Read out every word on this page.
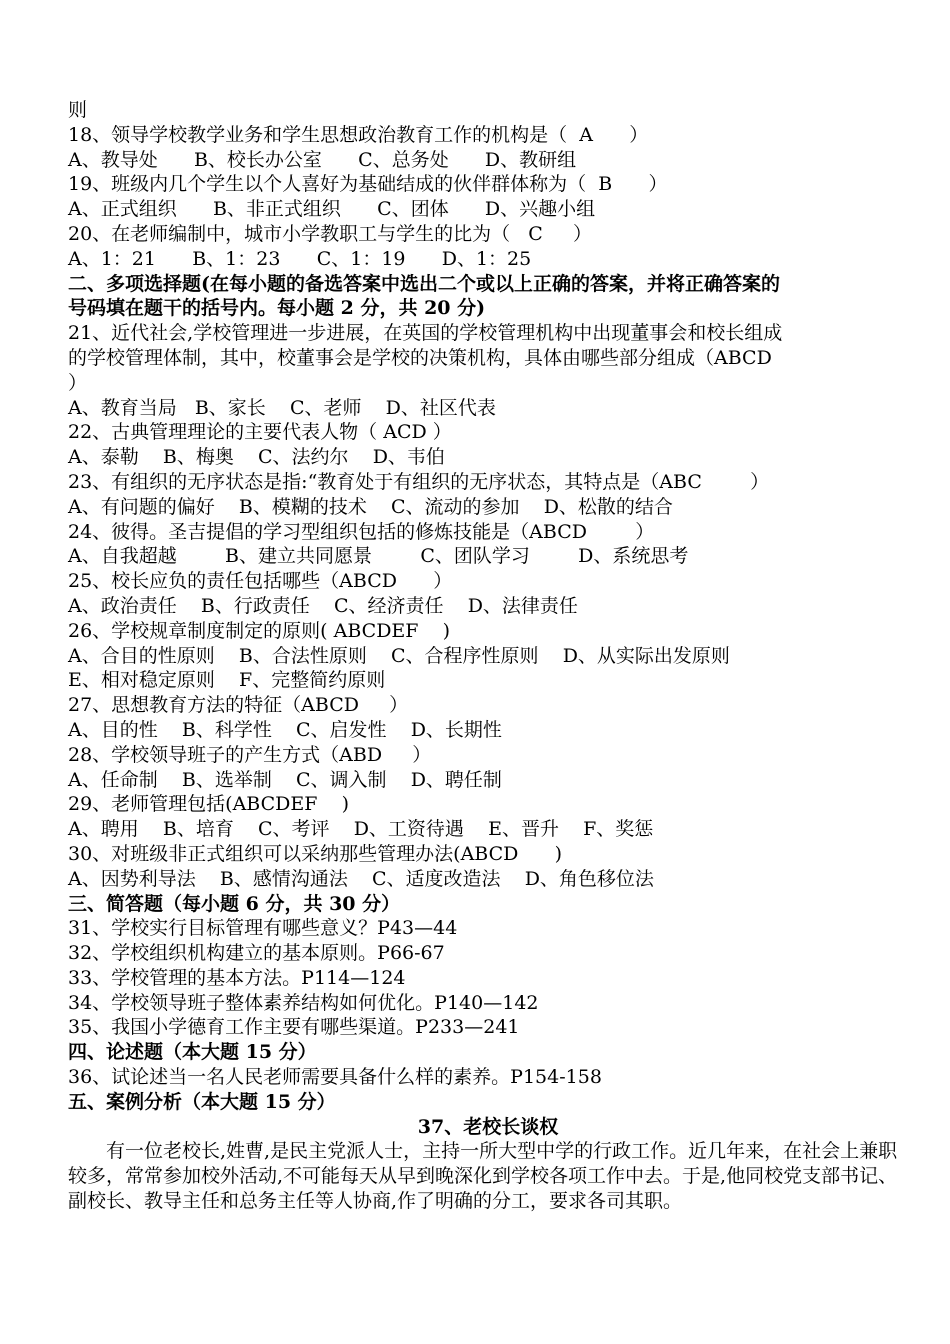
则
18、领导学校教学业务和学生思想政治教育工作的机构是（  A      ）
A、教导处      B、校长办公室      C、总务处      D、教研组
19、班级内几个学生以个人喜好为基础结成的伙伴群体称为（  B      ）
A、正式组织      B、非正式组织      C、团体      D、兴趣小组
20、在老师编制中，城市小学教职工与学生的比为（   C     ）
A、1：21      B、1：23      C、1：19      D、1：25
二、多项选择题(在每小题的备选答案中选出二个或以上正确的答案，并将正确答案的
号码填在题干的括号内。每小题 2 分，共 20 分)
21、近代社会,学校管理进一步进展，在英国的学校管理机构中出现董事会和校长组成
的学校管理体制，其中，校董事会是学校的决策机构，具体由哪些部分组成（ABCD
）
A、教育当局   B、家长    C、老师    D、社区代表
22、古典管理理论的主要代表人物（ ACD ）
A、泰勒    B、梅奥    C、法约尔    D、韦伯
23、有组织的无序状态是指:“教育处于有组织的无序状态，其特点是（ABC        ）
A、有问题的偏好    B、模糊的技术    C、流动的参加    D、松散的结合
24、彼得。圣吉提倡的学习型组织包括的修炼技能是（ABCD        ）
A、自我超越        B、建立共同愿景        C、团队学习        D、系统思考
25、校长应负的责任包括哪些（ABCD      ）
A、政治责任    B、行政责任    C、经济责任    D、法律责任
26、学校规章制度制定的原则( ABCDEF    )
A、合目的性原则    B、合法性原则    C、合程序性原则    D、从实际出发原则
E、相对稳定原则    F、完整简约原则
27、思想教育方法的特征（ABCD     ）
A、目的性    B、科学性    C、启发性    D、长期性
28、学校领导班子的产生方式（ABD     ）
A、任命制    B、选举制    C、调入制    D、聘任制
29、老师管理包括(ABCDEF    )
A、聘用    B、培育    C、考评    D、工资待遇    E、晋升    F、奖惩
30、对班级非正式组织可以采纳那些管理办法(ABCD      )
A、因势利导法    B、感情沟通法    C、适度改造法    D、角色移位法
三、简答题（每小题 6 分，共 30 分）
31、学校实行目标管理有哪些意义？P43—44
32、学校组织机构建立的基本原则。P66-67
33、学校管理的基本方法。P114—124
34、学校领导班子整体素养结构如何优化。P140—142
35、我国小学德育工作主要有哪些渠道。P233—241
四、论述题（本大题 15 分）
36、试论述当一名人民老师需要具备什么样的素养。P154-158
五、案例分析（本大题 15 分）
37、老校长谈权
有一位老校长,姓曹,是民主党派人士，主持一所大型中学的行政工作。近几年来，在社会上兼职较多，常常参加校外活动,不可能每天从早到晚深化到学校各项工作中去。于是,他同校党支部书记、副校长、教导主任和总务主任等人协商,作了明确的分工，要求各司其职。
